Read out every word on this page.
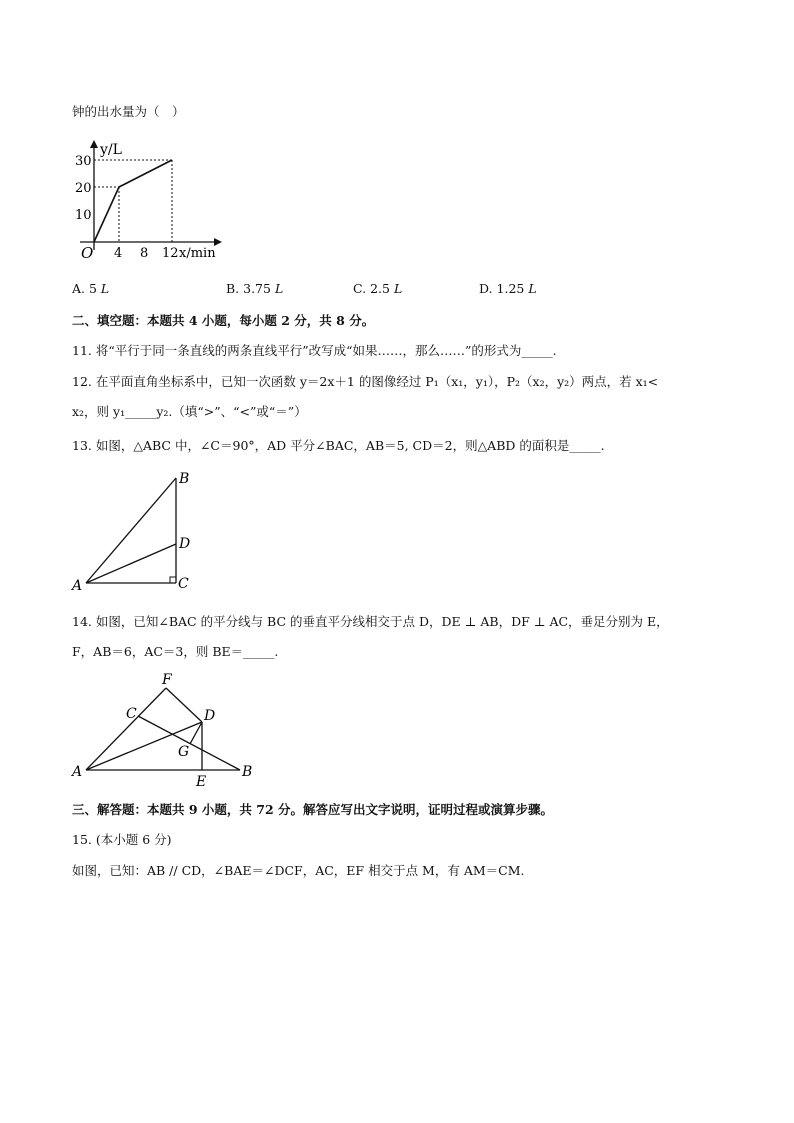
钟的出水量为（　）
y/L
30
20
10
O 4 8 12 x/min
A. 5 L	B. 3.75 L	C. 2.5 L	D. 1.25 L
二、填空题：本题共 4 小题，每小题 2 分，共 8 分。
11. 将“平行于同一条直线的两条直线平行”改写成“如果……，那么……”的形式为_____.
12. 在平面直角坐标系中，已知一次函数 y＝2x＋1 的图像经过 P₁（x₁，y₁），P₂（x₂，y₂）两点，若 x₁<
x₂，则 y₁_____y₂.（填“>”、“<”或“＝”）
13. 如图，△ABC 中，∠C＝90°，AD 平分∠BAC，AB＝5, CD＝2，则△ABD 的面积是_____.
B
D
A	C
14. 如图，已知∠BAC 的平分线与 BC 的垂直平分线相交于点 D，DE ⊥ AB，DF ⊥ AC，垂足分别为 E，
F，AB＝6，AC＝3，则 BE＝_____.
F
C	D
G
A
E
B
三、解答题：本题共 9 小题，共 72 分。解答应写出文字说明，证明过程或演算步骤。
15. (本小题 6 分)
如图，已知：AB // CD，∠BAE＝∠DCF，AC，EF 相交于点 M，有 AM＝CM.
